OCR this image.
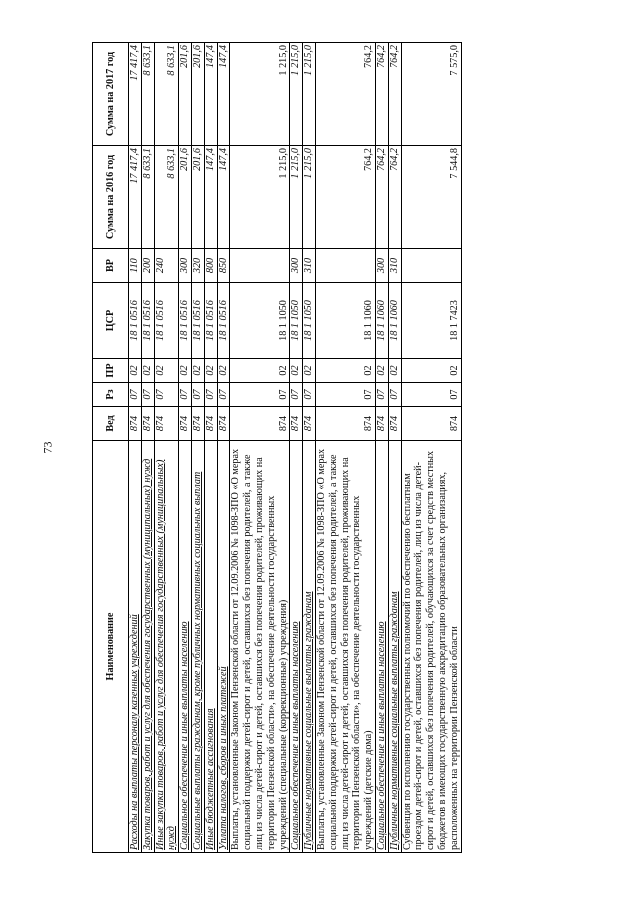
73
Наименование	Вед	Рз	ПР	ЦСР	ВР	Сумма на 2016 год	Сумма на 2017 год
Расходы на выплаты персоналу казенных учреждений	874	07	02	18 1 0516	110	17 417,4	17 417,4
Закупка товаров, работ и услуг для обеспечения государственных (муниципальных) нужд	874	07	02	18 1 0516	200	8 633,1	8 633,1
Иные закупки товаров, работ и услуг для обеспечения государственных (муниципальных) нужд	874	07	02	18 1 0516	240	8 633,1	8 633,1
Социальное обеспечение и иные выплаты населению	874	07	02	18 1 0516	300	201,6	201,6
Социальные выплаты гражданам, кроме публичных нормативных социальных выплат	874	07	02	18 1 0516	320	201,6	201,6
Иные бюджетные ассигнования	874	07	02	18 1 0516	800	147,4	147,4
Уплата налогов, сборов и иных платежей	874	07	02	18 1 0516	850	147,4	147,4
Выплаты, установленные Законом Пензенской области от 12.09.2006 № 1098-ЗПО «О мерах социальной поддержки детей-сирот и детей, оставшихся без попечения родителей, а также лиц из числа детей-сирот и детей, оставшихся без попечения родителей, проживающих на территории Пензенской области», на обеспечение деятельности государственных учреждений (специальные (коррекционные) учреждения)	874	07	02	18 1 1050		1 215,0	1 215,0
Социальное обеспечение и иные выплаты населению	874	07	02	18 1 1050	300	1 215,0	1 215,0
Публичные нормативные социальные выплаты гражданам	874	07	02	18 1 1050	310	1 215,0	1 215,0
Выплаты, установленные Законом Пензенской области от 12.09.2006 № 1098-ЗПО «О мерах социальной поддержки детей-сирот и детей, оставшихся без попечения родителей, а также лиц из числа детей-сирот и детей, оставшихся без попечения родителей, проживающих на территории Пензенской области», на обеспечение деятельности государственных учреждений (детские дома)	874	07	02	18 1 1060		764,2	764,2
Социальное обеспечение и иные выплаты населению	874	07	02	18 1 1060	300	764,2	764,2
Публичные нормативные социальные выплаты гражданам	874	07	02	18 1 1060	310	764,2	764,2
Субвенция по исполнению государственных полномочий по обеспечению бесплатным проездом детей-сирот и детей, оставшихся без попечения родителей, лиц из числа детей-сирот и детей, оставшихся без попечения родителей, обучающихся за счет средств местных бюджетов в имеющих государственную аккредитацию образовательных организациях, расположенных на территории Пензенской области	874	07	02	18 1 7423		7 544,8	7 575,0
